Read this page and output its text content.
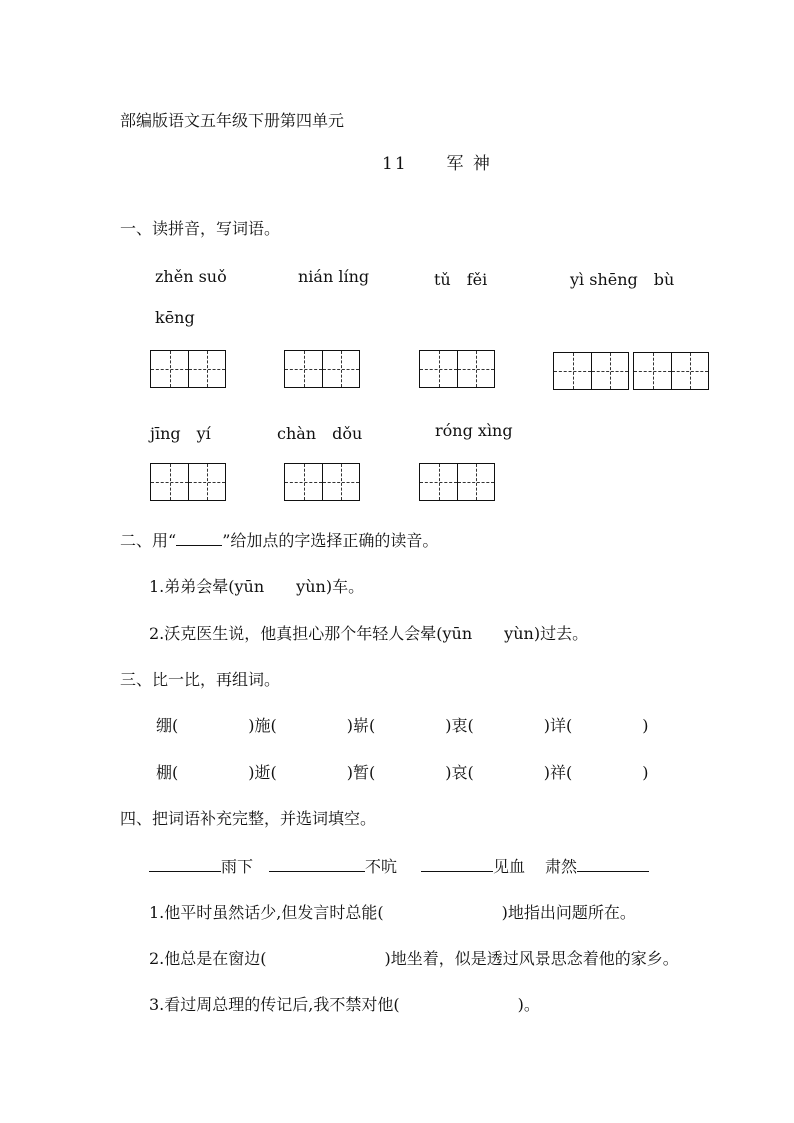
部编版语文五年级下册第四单元
11 军 神
一、读拼音，写词语。
zhěn suǒ	nián líng	tǔ　fěi	yì shēng　bù
kēng
jīng　yí	chàn　dǒu	róng xìng
二、用“	”给加点的字选择正确的读音。
1.弟弟会晕(yūn yùn)车。
2.沃克医生说，他真担心那个年轻人会晕(yūn yùn)过去。
三、比一比，再组词。
绷(	)施(	)崭(	)衷(	)详(	)
棚(	)逝(	)暂(	)哀(	)祥(	)
四、把词语补充完整，并选词填空。
雨下	不吭	见血 肃然
1.他平时虽然话少,但发言时总能(	)地指出问题所在。
2.他总是在窗边(	)地坐着，似是透过风景思念着他的家乡。
3.看过周总理的传记后,我不禁对他(	)。
